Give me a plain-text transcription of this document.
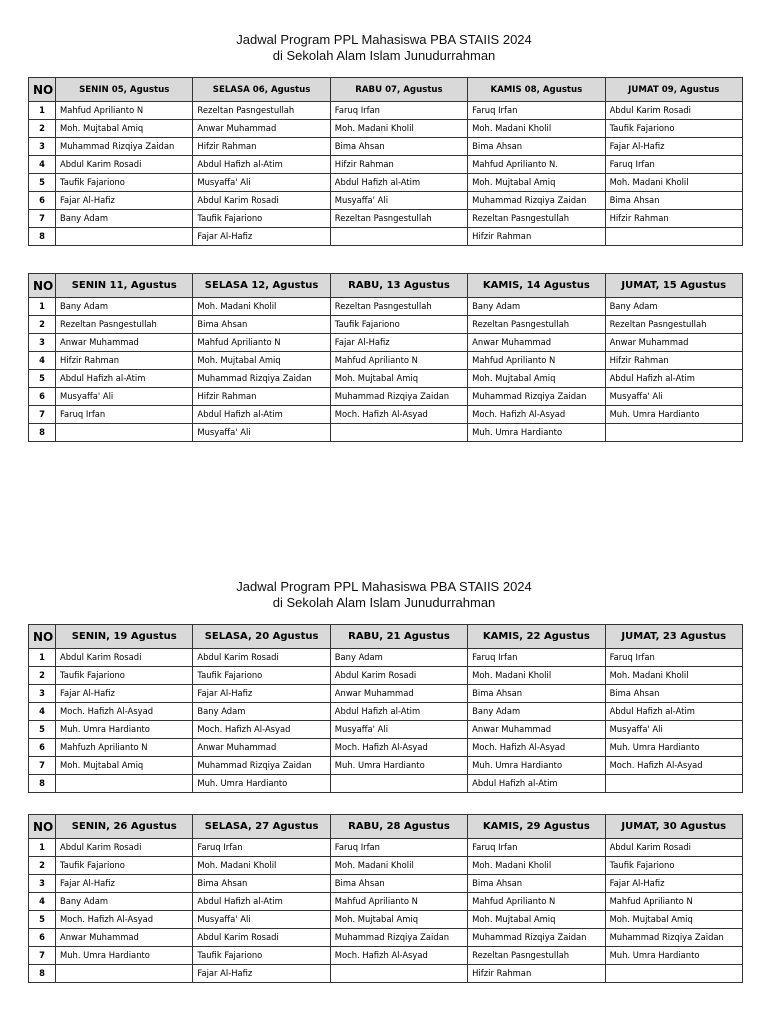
Jadwal Program PPL Mahasiswa PBA STAIIS 2024
di Sekolah Alam Islam Junudurrahman
NO	SENIN 05, Agustus	SELASA 06, Agustus	RABU 07, Agustus	KAMIS 08, Agustus	JUMAT 09, Agustus
1	Mahfud Aprilianto N	Rezeltan Pasngestullah	Faruq Irfan	Faruq Irfan	Abdul Karim Rosadi
2	Moh. Mujtabal Amiq	Anwar Muhammad	Moh. Madani Kholil	Moh. Madani Kholil	Taufik Fajariono
3	Muhammad Rizqiya Zaidan	Hifzir Rahman	Bima Ahsan	Bima Ahsan	Fajar Al-Hafiz
4	Abdul Karim Rosadi	Abdul Hafizh al-Atim	Hifzir Rahman	Mahfud Aprilianto N.	Faruq Irfan
5	Taufik Fajariono	Musyaffa' Ali	Abdul Hafizh al-Atim	Moh. Mujtabal Amiq	Moh. Madani Kholil
6	Fajar Al-Hafiz	Abdul Karim Rosadi	Musyaffa' Ali	Muhammad Rizqiya Zaidan	Bima Ahsan
7	Bany Adam	Taufik Fajariono	Rezeltan Pasngestullah	Rezeltan Pasngestullah	Hifzir Rahman
8		Fajar Al-Hafiz		Hifzir Rahman	
NO	SENIN 11, Agustus	SELASA 12, Agustus	RABU, 13 Agustus	KAMIS, 14 Agustus	JUMAT, 15 Agustus
1	Bany Adam	Moh. Madani Kholil	Rezeltan Pasngestullah	Bany Adam	Bany Adam
2	Rezeltan Pasngestullah	Bima Ahsan	Taufik Fajariono	Rezeltan Pasngestullah	Rezeltan Pasngestullah
3	Anwar Muhammad	Mahfud Aprilianto N	Fajar Al-Hafiz	Anwar Muhammad	Anwar Muhammad
4	Hifzir Rahman	Moh. Mujtabal Amiq	Mahfud Aprilianto N	Mahfud Aprilianto N	Hifzir Rahman
5	Abdul Hafizh al-Atim	Muhammad Rizqiya Zaidan	Moh. Mujtabal Amiq	Moh. Mujtabal Amiq	Abdul Hafizh al-Atim
6	Musyaffa' Ali	Hifzir Rahman	Muhammad Rizqiya Zaidan	Muhammad Rizqiya Zaidan	Musyaffa' Ali
7	Faruq Irfan	Abdul Hafizh al-Atim	Moch. Hafizh Al-Asyad	Moch. Hafizh Al-Asyad	Muh. Umra Hardianto
8		Musyaffa' Ali		Muh. Umra Hardianto	
Jadwal Program PPL Mahasiswa PBA STAIIS 2024
di Sekolah Alam Islam Junudurrahman
NO	SENIN, 19 Agustus	SELASA, 20 Agustus	RABU, 21 Agustus	KAMIS, 22 Agustus	JUMAT, 23 Agustus
1	Abdul Karim Rosadi	Abdul Karim Rosadi	Bany Adam	Faruq Irfan	Faruq Irfan
2	Taufik Fajariono	Taufik Fajariono	Abdul Karim Rosadi	Moh. Madani Kholil	Moh. Madani Kholil
3	Fajar Al-Hafiz	Fajar Al-Hafiz	Anwar Muhammad	Bima Ahsan	Bima Ahsan
4	Moch. Hafizh Al-Asyad	Bany Adam	Abdul Hafizh al-Atim	Bany Adam	Abdul Hafizh al-Atim
5	Muh. Umra Hardianto	Moch. Hafizh Al-Asyad	Musyaffa' Ali	Anwar Muhammad	Musyaffa' Ali
6	Mahfuzh Aprilianto N	Anwar Muhammad	Moch. Hafizh Al-Asyad	Moch. Hafizh Al-Asyad	Muh. Umra Hardianto
7	Moh. Mujtabal Amiq	Muhammad Rizqiya Zaidan	Muh. Umra Hardianto	Muh. Umra Hardianto	Moch. Hafizh Al-Asyad
8		Muh. Umra Hardianto		Abdul Hafizh al-Atim	
NO	SENIN, 26 Agustus	SELASA, 27 Agustus	RABU, 28 Agustus	KAMIS, 29 Agustus	JUMAT, 30 Agustus
1	Abdul Karim Rosadi	Faruq Irfan	Faruq Irfan	Faruq Irfan	Abdul Karim Rosadi
2	Taufik Fajariono	Moh. Madani Kholil	Moh. Madani Kholil	Moh. Madani Kholil	Taufik Fajariono
3	Fajar Al-Hafiz	Bima Ahsan	Bima Ahsan	Bima Ahsan	Fajar Al-Hafiz
4	Bany Adam	Abdul Hafizh al-Atim	Mahfud Aprilianto N	Mahfud Aprilianto N	Mahfud Aprilianto N
5	Moch. Hafizh Al-Asyad	Musyaffa' Ali	Moh. Mujtabal Amiq	Moh. Mujtabal Amiq	Moh. Mujtabal Amiq
6	Anwar Muhammad	Abdul Karim Rosadi	Muhammad Rizqiya Zaidan	Muhammad Rizqiya Zaidan	Muhammad Rizqiya Zaidan
7	Muh. Umra Hardianto	Taufik Fajariono	Moch. Hafizh Al-Asyad	Rezeltan Pasngestullah	Muh. Umra Hardianto
8		Fajar Al-Hafiz		Hifzir Rahman	
